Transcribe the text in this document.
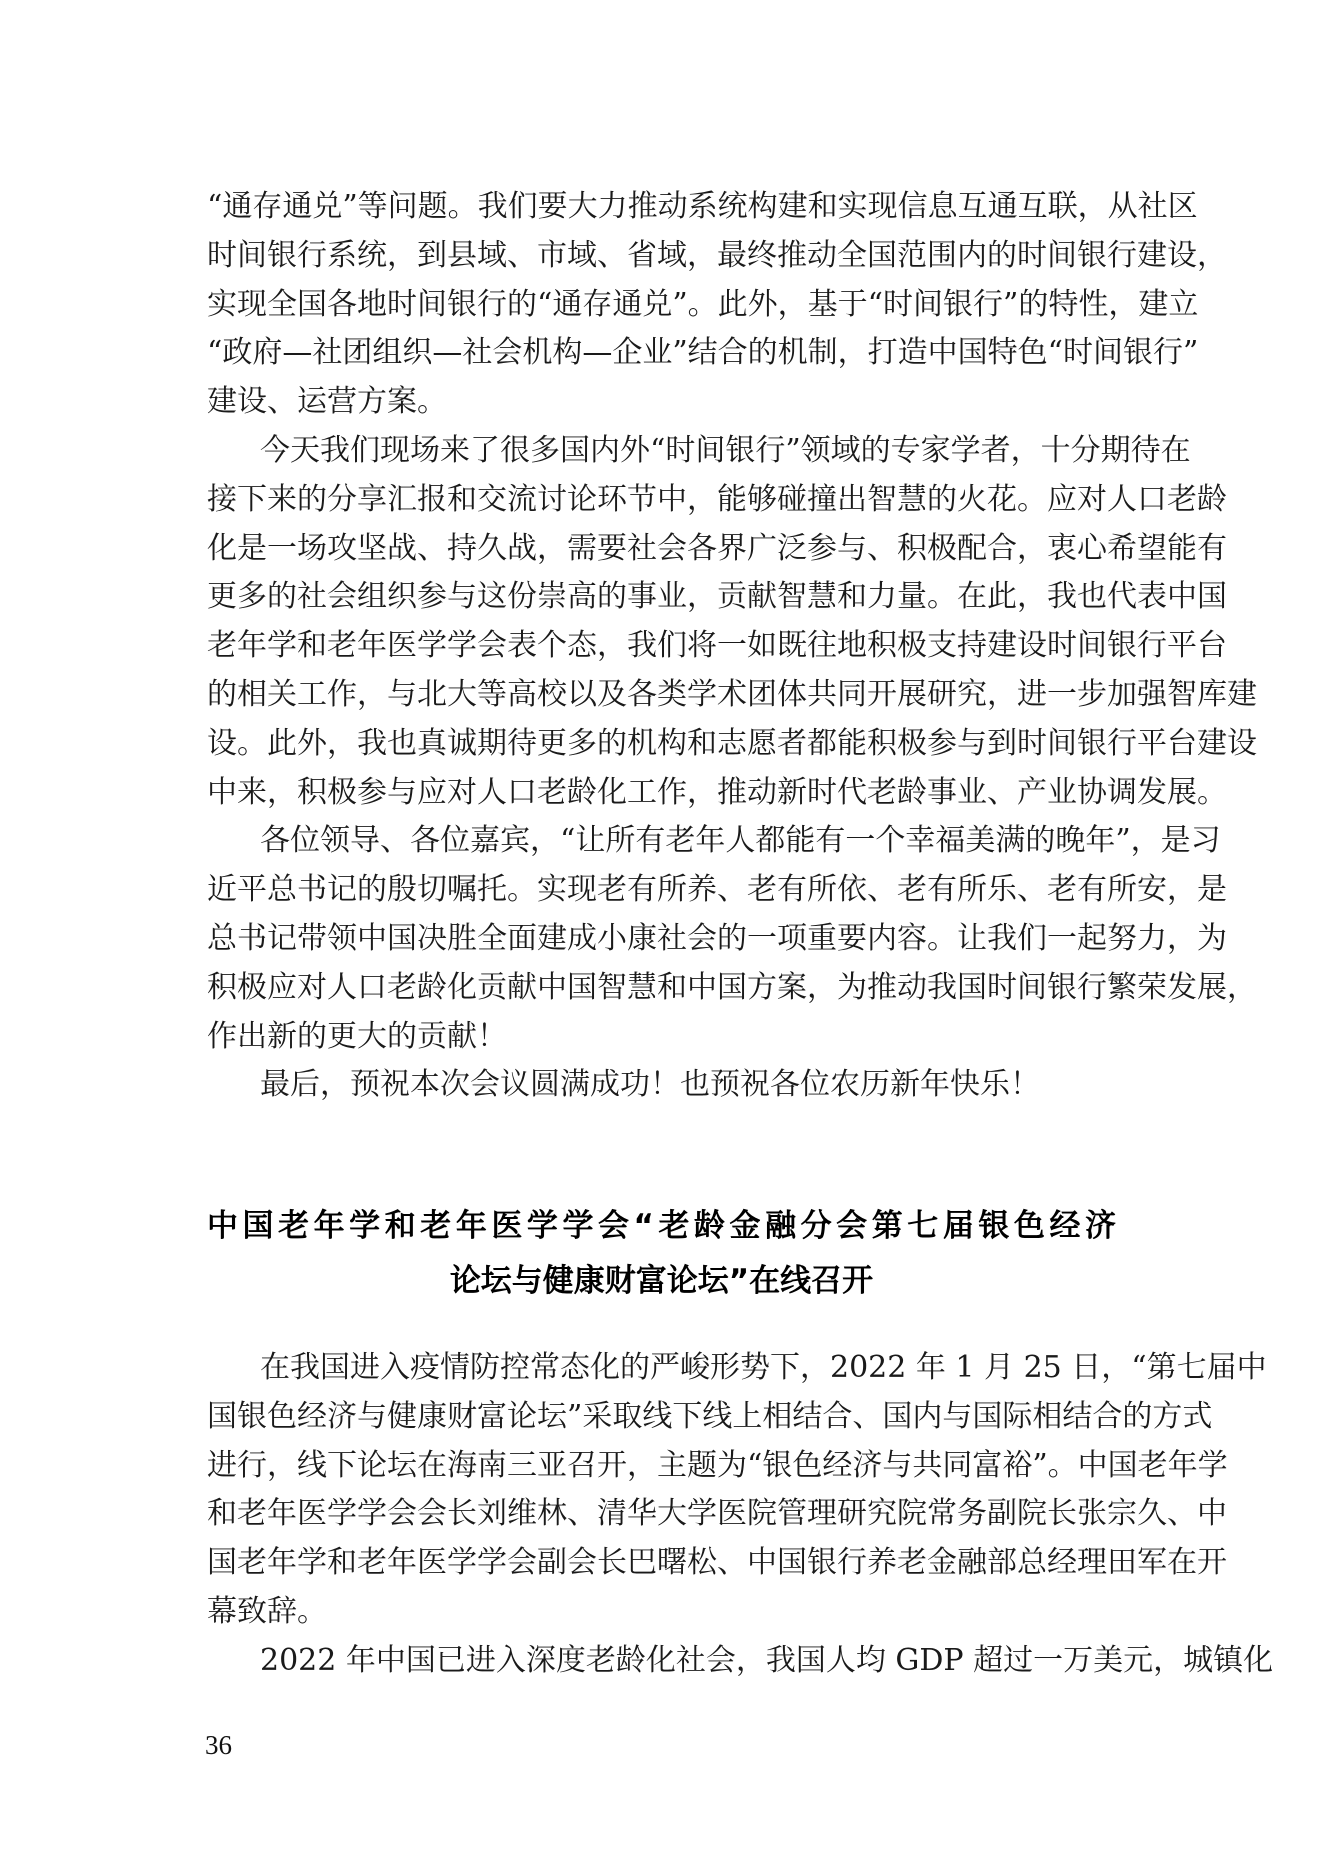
“通存通兑”等问题。我们要大力推动系统构建和实现信息互通互联，从社区
时间银行系统，到县域、市域、省域，最终推动全国范围内的时间银行建设，
实现全国各地时间银行的“通存通兑”。此外，基于“时间银行”的特性，建立
“政府—社团组织—社会机构—企业”结合的机制，打造中国特色“时间银行”
建设、运营方案。
今天我们现场来了很多国内外“时间银行”领域的专家学者，十分期待在
接下来的分享汇报和交流讨论环节中，能够碰撞出智慧的火花。应对人口老龄
化是一场攻坚战、持久战，需要社会各界广泛参与、积极配合，衷心希望能有
更多的社会组织参与这份崇高的事业，贡献智慧和力量。在此，我也代表中国
老年学和老年医学学会表个态，我们将一如既往地积极支持建设时间银行平台
的相关工作，与北大等高校以及各类学术团体共同开展研究，进一步加强智库建
设。此外，我也真诚期待更多的机构和志愿者都能积极参与到时间银行平台建设
中来，积极参与应对人口老龄化工作，推动新时代老龄事业、产业协调发展。
各位领导、各位嘉宾，“让所有老年人都能有一个幸福美满的晚年”，是习
近平总书记的殷切嘱托。实现老有所养、老有所依、老有所乐、老有所安，是
总书记带领中国决胜全面建成小康社会的一项重要内容。让我们一起努力，为
积极应对人口老龄化贡献中国智慧和中国方案，为推动我国时间银行繁荣发展，
作出新的更大的贡献！
最后，预祝本次会议圆满成功！也预祝各位农历新年快乐！
中国老年学和老年医学学会“老龄金融分会第七届银色经济
论坛与健康财富论坛”在线召开
在我国进入疫情防控常态化的严峻形势下，2022 年 1 月 25 日，“第七届中
国银色经济与健康财富论坛”采取线下线上相结合、国内与国际相结合的方式
进行，线下论坛在海南三亚召开，主题为“银色经济与共同富裕”。中国老年学
和老年医学学会会长刘维林、清华大学医院管理研究院常务副院长张宗久、中
国老年学和老年医学学会副会长巴曙松、中国银行养老金融部总经理田军在开
幕致辞。
2022 年中国已进入深度老龄化社会，我国人均 GDP 超过一万美元，城镇化
36
